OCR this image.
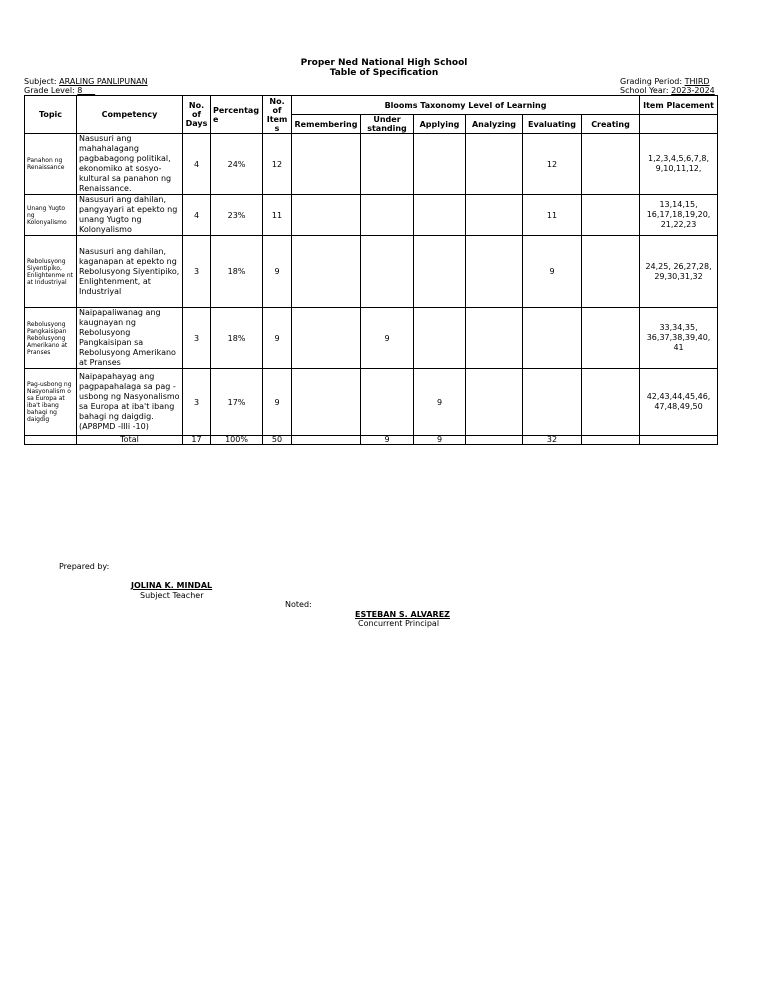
Proper Ned National High School
Table of Specification
Subject: ARALING PANLIPUNAN
Grade Level: 8
Grading Period: THIRD
School Year: 2023-2024
Topic	Competency	No. of Days	Percentag e	No. of Item s	Blooms Taxonomy Level of Learning						Item Placement
					Remembering	Under standing	Applying	Analyzing	Evaluating	Creating	
Panahon ng Renaissance	Nasusuri ang mahahalagang pagbabagong politikal, ekonomiko at sosyo-kultural sa panahon ng Renaissance.	4	24%	12					12		1,2,3,4,5,6,7,8, 9,10,11,12,
Unang Yugto ng Kolonyalismo	Nasusuri ang dahilan, pangyayari at epekto ng unang Yugto ng Kolonyalismo	4	23%	11					11		13,14,15, 16,17,18,19,20, 21,22,23
Rebolusyong Siyentipiko, Enlightenme nt at Industriyal	Nasusuri ang dahilan, kaganapan at epekto ng Rebolusyong Siyentipiko, Enlightenment, at Industriyal	3	18%	9					9		24,25, 26,27,28, 29,30,31,32
Rebolusyong Pangkaisipan Rebolusyong Amerikano at Pranses	Naipapaliwanag ang kaugnayan ng Rebolusyong Pangkaisipan sa Rebolusyong Amerikano at Pranses	3	18%	9		9					33,34,35, 36,37,38,39,40, 41
Pag-usbong ng Nasyonalism o sa Europa at iba't ibang bahagi ng daigdig	Naipapahayag ang pagpapahalaga sa pag -usbong ng Nasyonalismo sa Europa at iba't ibang bahagi ng daigdig. (AP8PMD -IIIi -10)	3	17%	9			9				42,43,44,45,46, 47,48,49,50
	Total	17	100%	50		9	9		32		
Prepared by:
JOLINA K. MINDAL
Subject Teacher
Noted:
ESTEBAN S. ALVAREZ
Concurrent Principal
